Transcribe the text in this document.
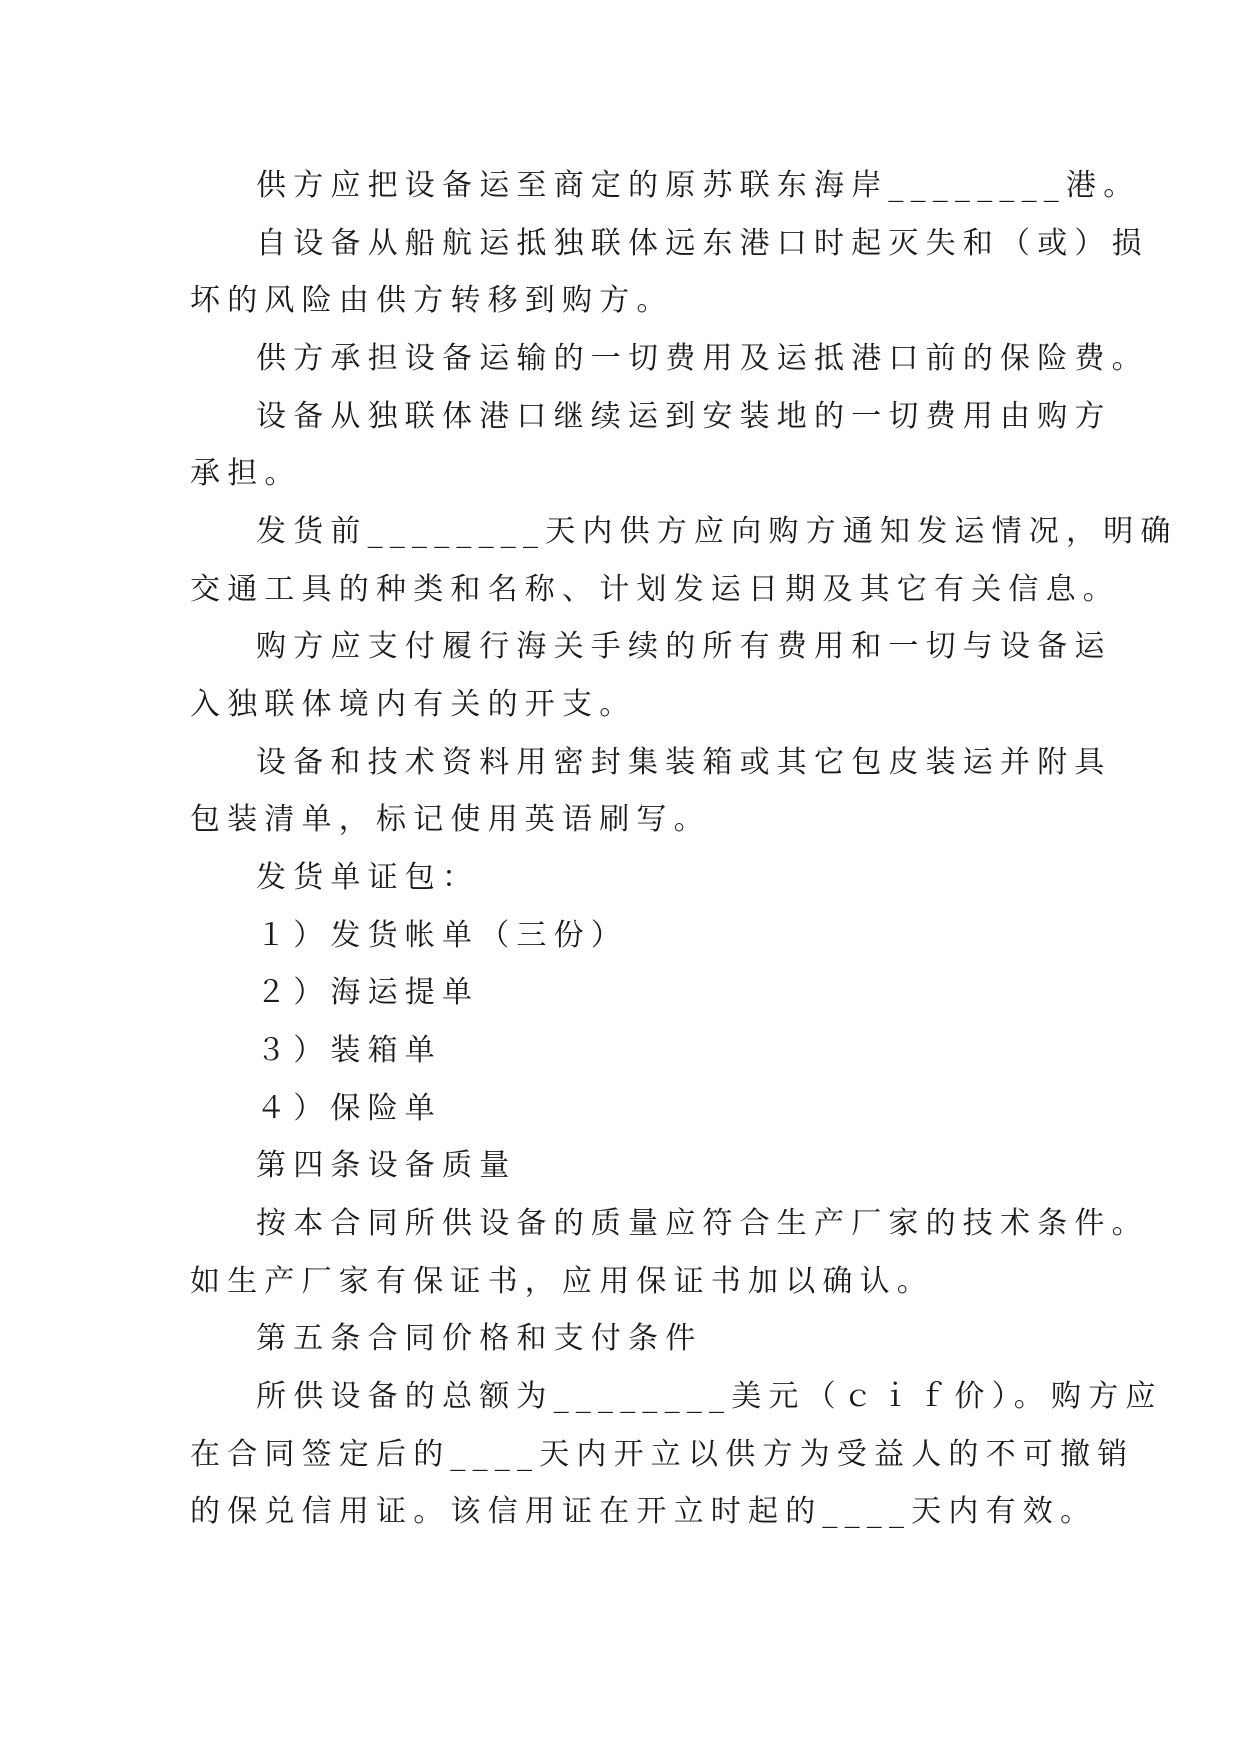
供方应把设备运至商定的原苏联东海岸________港。
自设备从船航运抵独联体远东港口时起灭失和（或）损
坏的风险由供方转移到购方。
供方承担设备运输的一切费用及运抵港口前的保险费。
设备从独联体港口继续运到安装地的一切费用由购方
承担。
发货前________天内供方应向购方通知发运情况，明确
交通工具的种类和名称、计划发运日期及其它有关信息。
购方应支付履行海关手续的所有费用和一切与设备运
入独联体境内有关的开支。
设备和技术资料用密封集装箱或其它包皮装运并附具
包装清单，标记使用英语刷写。
发货单证包：
１）发货帐单（三份）
２）海运提单
３）装箱单
４）保险单
第四条设备质量
按本合同所供设备的质量应符合生产厂家的技术条件。
如生产厂家有保证书，应用保证书加以确认。
第五条合同价格和支付条件
所供设备的总额为________美元（ｃｉｆ价）。购方应
在合同签定后的____天内开立以供方为受益人的不可撤销
的保兑信用证。该信用证在开立时起的____天内有效。
